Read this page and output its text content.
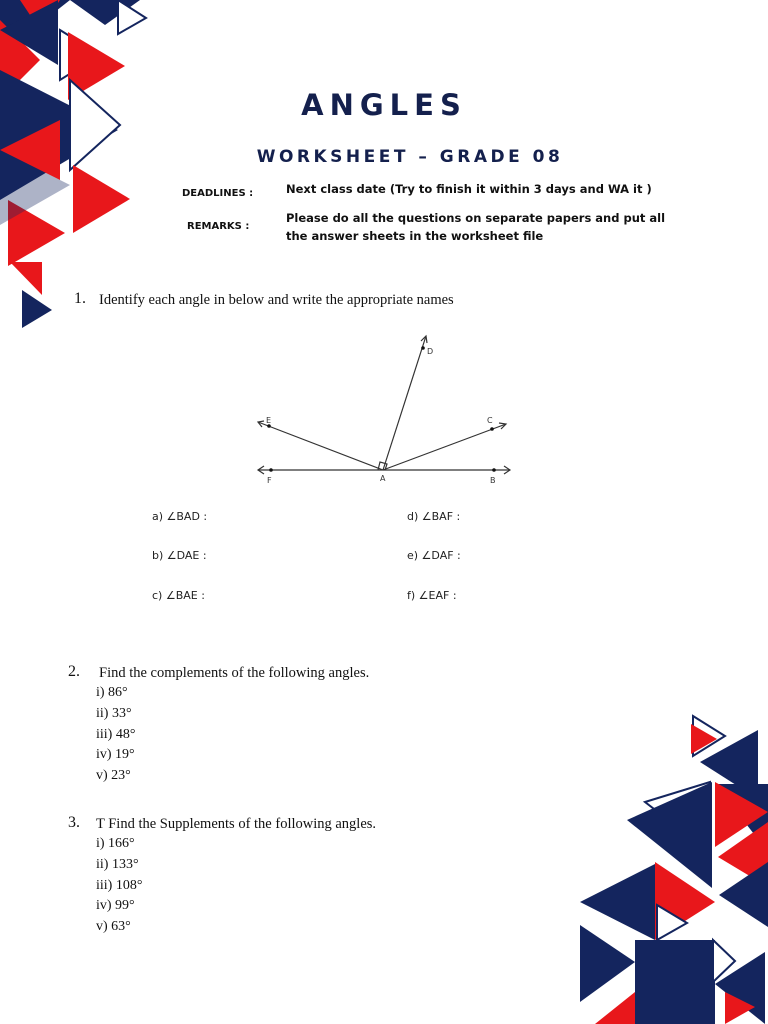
ANGLES
WORKSHEET – GRADE 08
DEADLINES :	Next class date (Try to finish it within 3 days and WA it )
REMARKS :
Please do all the questions on separate papers and put all
the answer sheets in the worksheet file
1. Identify each angle in below and write the appropriate names
D
E	C
F	A	B
a) ∠BAD :
b) ∠DAE :
c) ∠BAE :
d) ∠BAF :
e) ∠DAF :
f) ∠EAF :
2. Find the complements of the following angles.
i) 86°
ii) 33°
iii) 48°
iv) 19°
v) 23°
3. T Find the Supplements of the following angles.
i) 166°
ii) 133°
iii) 108°
iv) 99°
v) 63°
